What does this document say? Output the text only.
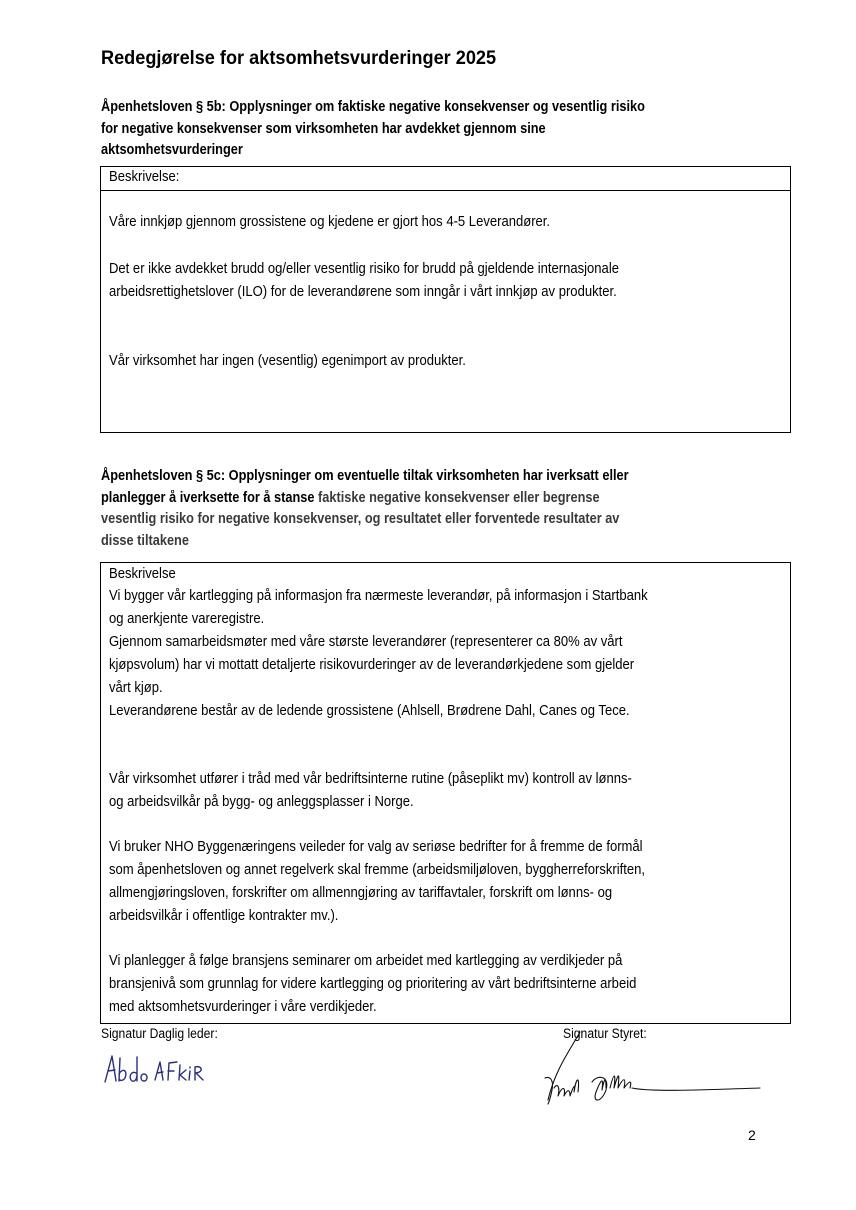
Redegjørelse for aktsomhetsvurderinger 2025
Åpenhetsloven § 5b: Opplysninger om faktiske negative konsekvenser og vesentlig risiko
for negative konsekvenser som virksomheten har avdekket gjennom sine
aktsomhetsvurderinger
Beskrivelse:
Våre innkjøp gjennom grossistene og kjedene er gjort hos 4-5 Leverandører.
Det er ikke avdekket brudd og/eller vesentlig risiko for brudd på gjeldende internasjonale
arbeidsrettighetslover (ILO) for de leverandørene som inngår i vårt innkjøp av produkter.
Vår virksomhet har ingen (vesentlig) egenimport av produkter.
Åpenhetsloven § 5c: Opplysninger om eventuelle tiltak virksomheten har iverksatt eller
planlegger å iverksette for å stanse faktiske negative konsekvenser eller begrense
vesentlig risiko for negative konsekvenser, og resultatet eller forventede resultater av
disse tiltakene
Beskrivelse
Vi bygger vår kartlegging på informasjon fra nærmeste leverandør, på informasjon i Startbank
og anerkjente vareregistre.
Gjennom samarbeidsmøter med våre største leverandører (representerer ca 80% av vårt
kjøpsvolum) har vi mottatt detaljerte risikovurderinger av de leverandørkjedene som gjelder
vårt kjøp.
Leverandørene består av de ledende grossistene (Ahlsell, Brødrene Dahl, Canes og Tece.
Vår virksomhet utfører i tråd med vår bedriftsinterne rutine (påseplikt mv) kontroll av lønns-
og arbeidsvilkår på bygg- og anleggsplasser i Norge.
Vi bruker NHO Byggenæringens veileder for valg av seriøse bedrifter for å fremme de formål
som åpenhetsloven og annet regelverk skal fremme (arbeidsmiljøloven, byggherreforskriften,
allmengjøringsloven, forskrifter om allmenngjøring av tariffavtaler, forskrift om lønns- og
arbeidsvilkår i offentlige kontrakter mv.).
Vi planlegger å følge bransjens seminarer om arbeidet med kartlegging av verdikjeder på
bransjenivå som grunnlag for videre kartlegging og prioritering av vårt bedriftsinterne arbeid
med aktsomhetsvurderinger i våre verdikjeder.
Signatur Daglig leder:	Signatur Styret:
2
